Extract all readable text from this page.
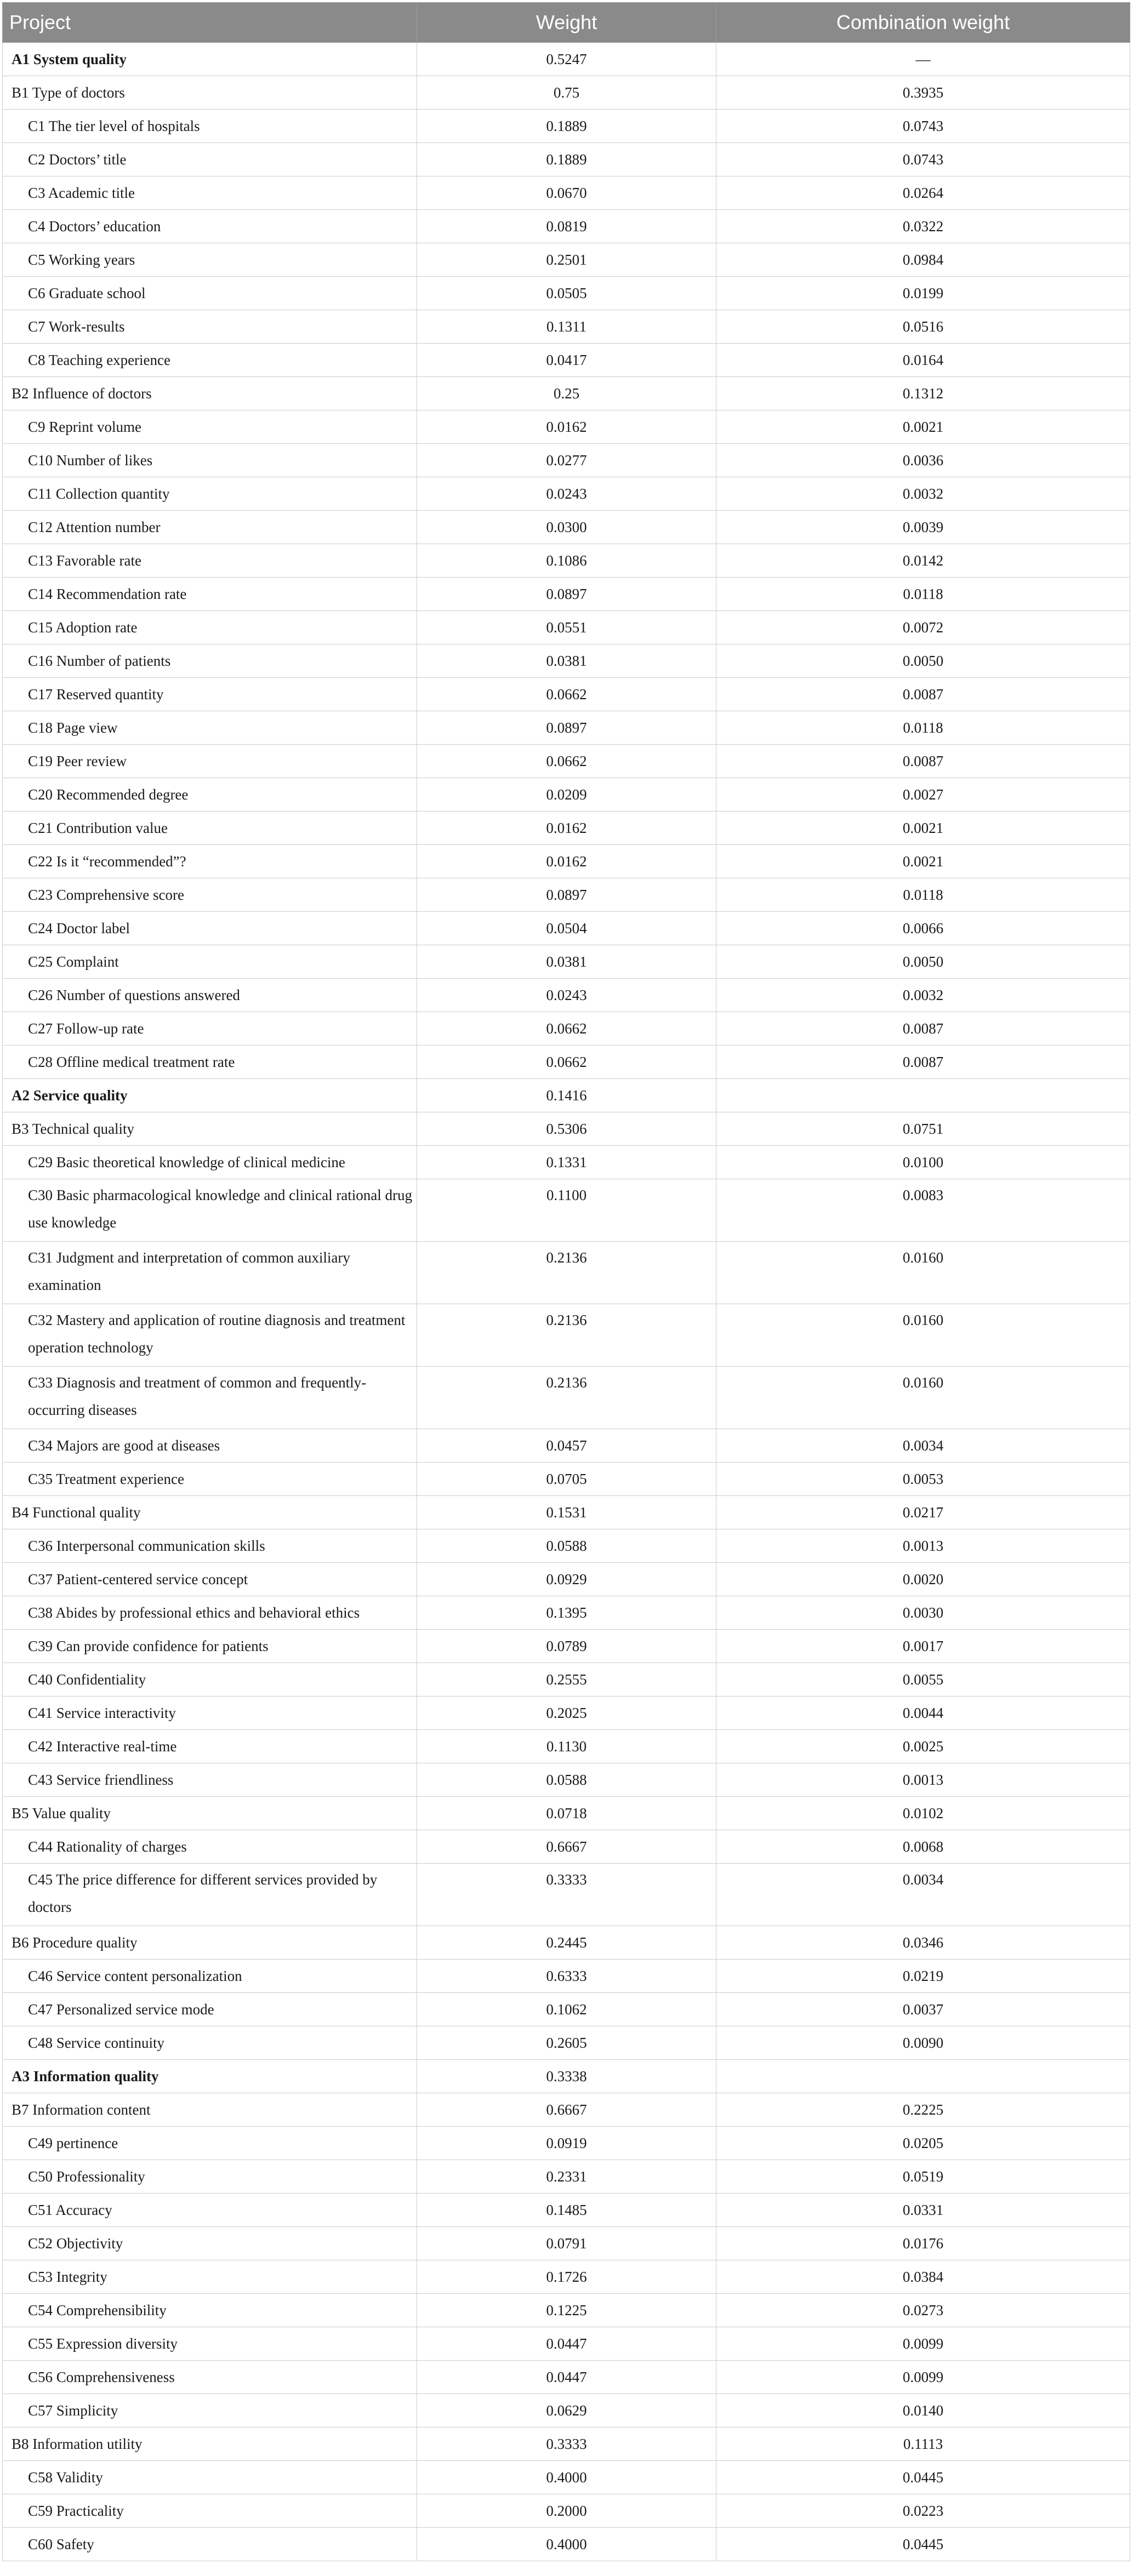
Project	Weight	Combination weight
A1 System quality	0.5247	—
B1 Type of doctors	0.75	0.3935
C1 The tier level of hospitals	0.1889	0.0743
C2 Doctors’ title	0.1889	0.0743
C3 Academic title	0.0670	0.0264
C4 Doctors’ education	0.0819	0.0322
C5 Working years	0.2501	0.0984
C6 Graduate school	0.0505	0.0199
C7 Work-results	0.1311	0.0516
C8 Teaching experience	0.0417	0.0164
B2 Influence of doctors	0.25	0.1312
C9 Reprint volume	0.0162	0.0021
C10 Number of likes	0.0277	0.0036
C11 Collection quantity	0.0243	0.0032
C12 Attention number	0.0300	0.0039
C13 Favorable rate	0.1086	0.0142
C14 Recommendation rate	0.0897	0.0118
C15 Adoption rate	0.0551	0.0072
C16 Number of patients	0.0381	0.0050
C17 Reserved quantity	0.0662	0.0087
C18 Page view	0.0897	0.0118
C19 Peer review	0.0662	0.0087
C20 Recommended degree	0.0209	0.0027
C21 Contribution value	0.0162	0.0021
C22 Is it “recommended”?	0.0162	0.0021
C23 Comprehensive score	0.0897	0.0118
C24 Doctor label	0.0504	0.0066
C25 Complaint	0.0381	0.0050
C26 Number of questions answered	0.0243	0.0032
C27 Follow-up rate	0.0662	0.0087
C28 Offline medical treatment rate	0.0662	0.0087
A2 Service quality	0.1416	
B3 Technical quality	0.5306	0.0751
C29 Basic theoretical knowledge of clinical medicine	0.1331	0.0100
C30 Basic pharmacological knowledge and clinical rational drug use knowledge	0.1100	0.0083
C31 Judgment and interpretation of common auxiliary examination	0.2136	0.0160
C32 Mastery and application of routine diagnosis and treatment operation technology	0.2136	0.0160
C33 Diagnosis and treatment of common and frequently-occurring diseases	0.2136	0.0160
C34 Majors are good at diseases	0.0457	0.0034
C35 Treatment experience	0.0705	0.0053
B4 Functional quality	0.1531	0.0217
C36 Interpersonal communication skills	0.0588	0.0013
C37 Patient-centered service concept	0.0929	0.0020
C38 Abides by professional ethics and behavioral ethics	0.1395	0.0030
C39 Can provide confidence for patients	0.0789	0.0017
C40 Confidentiality	0.2555	0.0055
C41 Service interactivity	0.2025	0.0044
C42 Interactive real-time	0.1130	0.0025
C43 Service friendliness	0.0588	0.0013
B5 Value quality	0.0718	0.0102
C44 Rationality of charges	0.6667	0.0068
C45 The price difference for different services provided by doctors	0.3333	0.0034
B6 Procedure quality	0.2445	0.0346
C46 Service content personalization	0.6333	0.0219
C47 Personalized service mode	0.1062	0.0037
C48 Service continuity	0.2605	0.0090
A3 Information quality	0.3338	
B7 Information content	0.6667	0.2225
C49 pertinence	0.0919	0.0205
C50 Professionality	0.2331	0.0519
C51 Accuracy	0.1485	0.0331
C52 Objectivity	0.0791	0.0176
C53 Integrity	0.1726	0.0384
C54 Comprehensibility	0.1225	0.0273
C55 Expression diversity	0.0447	0.0099
C56 Comprehensiveness	0.0447	0.0099
C57 Simplicity	0.0629	0.0140
B8 Information utility	0.3333	0.1113
C58 Validity	0.4000	0.0445
C59 Practicality	0.2000	0.0223
C60 Safety	0.4000	0.0445
